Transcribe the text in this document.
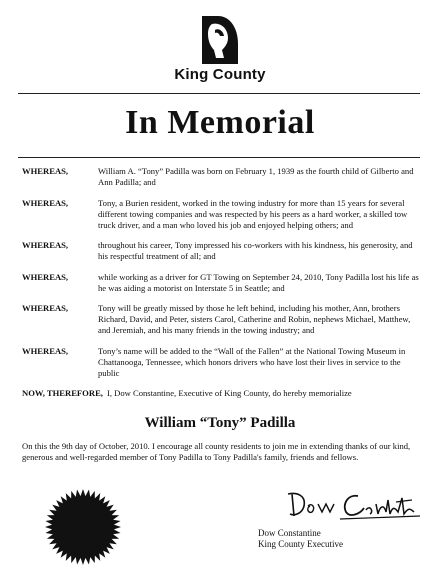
King County
In Memorial

WHEREAS,	William A. “Tony” Padilla was born on February 1, 1939 as the fourth child of Gilberto and Ann Padilla; and

WHEREAS,	Tony, a Burien resident, worked in the towing industry for more than 15 years for several different towing companies and was respected by his peers as a hard worker, a skilled tow truck driver, and a man who loved his job and enjoyed helping others; and

WHEREAS,	throughout his career, Tony impressed his co-workers with his kindness, his generosity, and his respectful treatment of all; and

WHEREAS,	while working as a driver for GT Towing on September 24, 2010, Tony Padilla lost his life as he was aiding a motorist on Interstate 5 in Seattle; and

WHEREAS,	Tony will be greatly missed by those he left behind, including his mother, Ann, brothers Richard, David, and Peter, sisters Carol, Catherine and Robin, nephews Michael, Matthew, and Jeremiah, and his many friends in the towing industry; and

WHEREAS,	Tony’s name will be added to the “Wall of the Fallen” at the National Towing Museum in Chattanooga, Tennessee, which honors drivers who have lost their lives in service to the public

NOW, THEREFORE, I, Dow Constantine, Executive of King County, do hereby memorialize

William “Tony” Padilla
On this the 9th day of October, 2010. I encourage all county residents to join me in extending thanks of our kind, generous and well-regarded member of Tony Padilla to Tony Padilla's family, friends and fellows.
Dow Constantine
King County Executive
